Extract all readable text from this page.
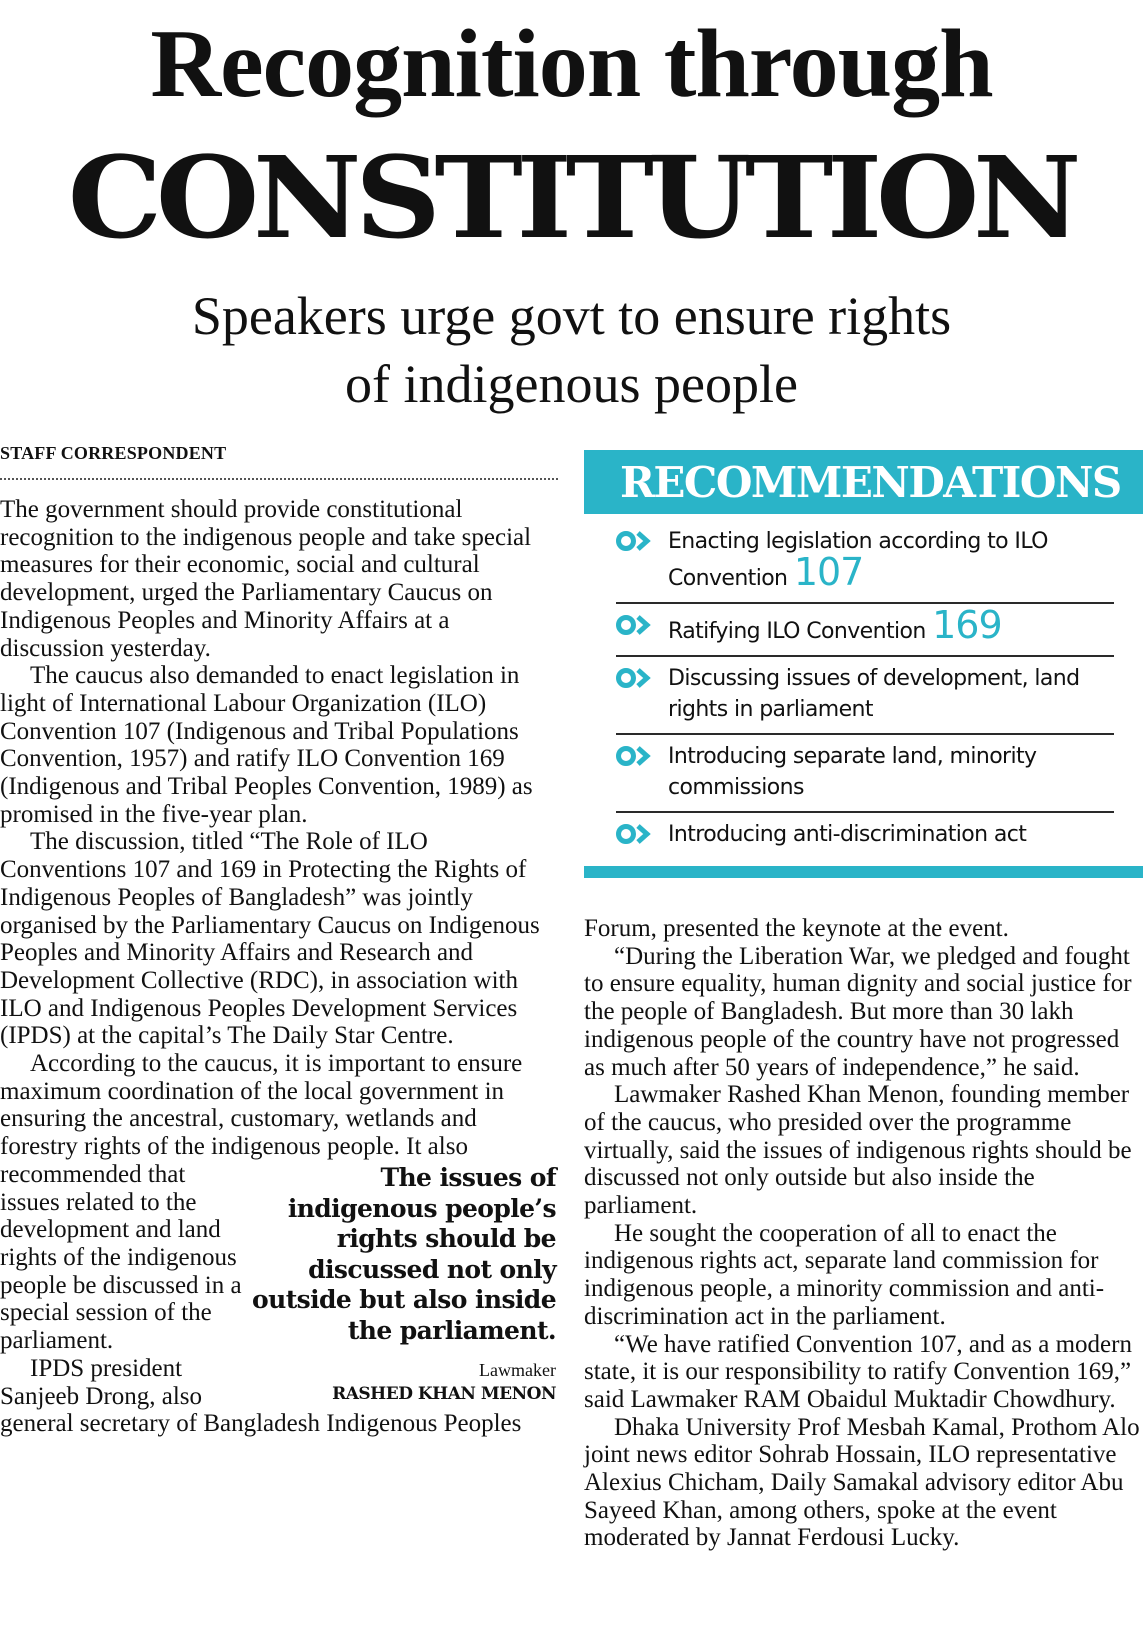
Recognition through
CONSTITUTION
Speakers urge govt to ensure rights
of indigenous people
STAFF CORRESPONDENT

The government should provide constitutional recognition to the indigenous people and take special measures for their economic, social and cultural development, urged the Parliamentary Caucus on Indigenous Peoples and Minority Affairs at a discussion yesterday.

The caucus also demanded to enact legislation in light of International Labour Organization (ILO) Convention 107 (Indigenous and Tribal Populations Convention, 1957) and ratify ILO Convention 169 (Indigenous and Tribal Peoples Convention, 1989) as promised in the five-year plan.

The issues of indigenous people’s rights should be discussed not only outside but also inside the parliament.
Lawmaker
RASHED KHAN MENON

The discussion, titled “The Role of ILO Conventions 107 and 169 in Protecting the Rights of Indigenous Peoples of Bangladesh” was jointly organised by the Parliamentary Caucus on Indigenous Peoples and Minority Affairs and Research and Development Collective (RDC), in association with ILO and Indigenous Peoples Development Services (IPDS) at the capital’s The Daily Star Centre.

According to the caucus, it is important to ensure maximum coordination of the local government in ensuring the ancestral, customary, wetlands and forestry rights of the indigenous people. It also recommended that issues related to the development and land rights of the indigenous people be discussed in a special session of the parliament.

IPDS president Sanjeeb Drong, also general secretary of Bangladesh Indigenous Peoples

RECOMMENDATIONS
Enacting legislation according to ILO Convention 107
Ratifying ILO Convention 169
Discussing issues of development, land rights in parliament
Introducing separate land, minority commissions
Introducing anti-discrimination act

Forum, presented the keynote at the event.

“During the Liberation War, we pledged and fought to ensure equality, human dignity and social justice for the people of Bangladesh. But more than 30 lakh indigenous people of the country have not progressed as much after 50 years of independence,” he said.

Lawmaker Rashed Khan Menon, founding member of the caucus, who presided over the programme virtually, said the issues of indigenous rights should be discussed not only outside but also inside the parliament.

He sought the cooperation of all to enact the indigenous rights act, separate land commission for indigenous people, a minority commission and anti-discrimination act in the parliament.

“We have ratified Convention 107, and as a modern state, it is our responsibility to ratify Convention 169,” said Lawmaker RAM Obaidul Muktadir Chowdhury.

Dhaka University Prof Mesbah Kamal, Prothom Alo joint news editor Sohrab Hossain, ILO representative Alexius Chicham, Daily Samakal advisory editor Abu Sayeed Khan, among others, spoke at the event moderated by Jannat Ferdousi Lucky.
